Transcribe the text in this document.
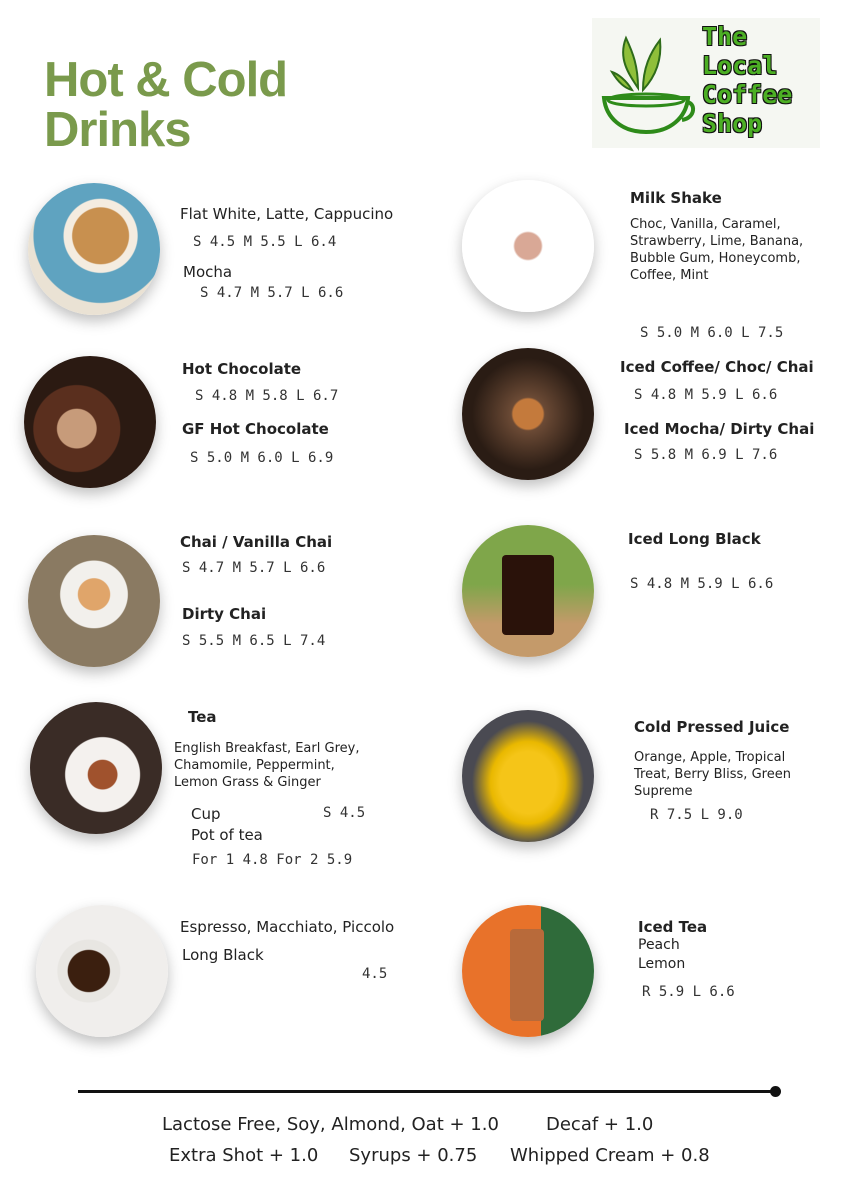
Hot & Cold
Drinks
The
Local
Coffee
Shop
Flat White, Latte, Cappucino
S 4.5 M 5.5 L 6.4
Mocha
S 4.7 M 5.7 L 6.6
Hot Chocolate
S 4.8 M 5.8 L 6.7
GF Hot Chocolate
S 5.0 M 6.0 L 6.9
Chai / Vanilla Chai
S 4.7 M 5.7 L 6.6
Dirty Chai
S 5.5 M 6.5 L 7.4
Tea
English Breakfast, Earl Grey, Chamomile, Peppermint, Lemon Grass & Ginger
Cup	S 4.5
Pot of tea
For 1 4.8 For 2 5.9
Espresso, Macchiato, Piccolo
Long Black
4.5
Milk Shake
Choc, Vanilla, Caramel, Strawberry, Lime, Banana, Bubble Gum, Honeycomb, Coffee, Mint
S 5.0 M 6.0 L 7.5
Iced Coffee/ Choc/ Chai
S 4.8 M 5.9 L 6.6
Iced Mocha/ Dirty Chai
S 5.8 M 6.9 L 7.6
Iced Long Black
S 4.8 M 5.9 L 6.6
Cold Pressed Juice
Orange, Apple, Tropical Treat, Berry Bliss, Green Supreme
R 7.5 L 9.0
Iced Tea
Peach
Lemon
R 5.9 L 6.6
Lactose Free, Soy, Almond, Oat + 1.0	Decaf + 1.0
Extra Shot + 1.0 Syrups + 0.75 Whipped Cream + 0.8
